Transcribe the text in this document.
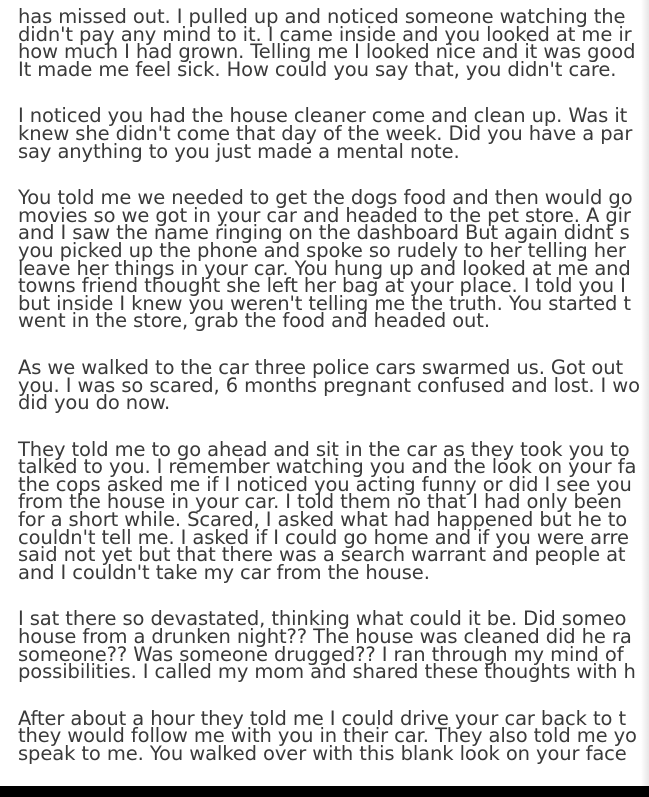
has missed out. I pulled up and noticed someone watching the
didn't pay any mind to it. I came inside and you looked at me ir
how much I had grown. Telling me I looked nice and it was good
It made me feel sick. How could you say that, you didn't care.

I noticed you had the house cleaner come and clean up. Was it
knew she didn't come that day of the week. Did you have a par
say anything to you just made a mental note.

You told me we needed to get the dogs food and then would go
movies so we got in your car and headed to the pet store. A gir
and I saw the name ringing on the dashboard But again didnt s
you picked up the phone and spoke so rudely to her telling her
leave her things in your car. You hung up and looked at me and
towns friend thought she left her bag at your place. I told you I
but inside I knew you weren't telling me the truth. You started t
went in the store, grab the food and headed out.

As we walked to the car three police cars swarmed us. Got out
you. I was so scared, 6 months pregnant confused and lost. I wo
did you do now.

They told me to go ahead and sit in the car as they took you to
talked to you. I remember watching you and the look on your fa
the cops asked me if I noticed you acting funny or did I see you
from the house in your car. I told them no that I had only been
for a short while. Scared, I asked what had happened but he to
couldn't tell me. I asked if I could go home and if you were arre
said not yet but that there was a search warrant and people at
and I couldn't take my car from the house.

I sat there so devastated, thinking what could it be. Did someo
house from a drunken night?? The house was cleaned did he ra
someone?? Was someone drugged?? I ran through my mind of
possibilities. I called my mom and shared these thoughts with h

After about a hour they told me I could drive your car back to t
they would follow me with you in their car. They also told me yo
speak to me. You walked over with this blank look on your face
